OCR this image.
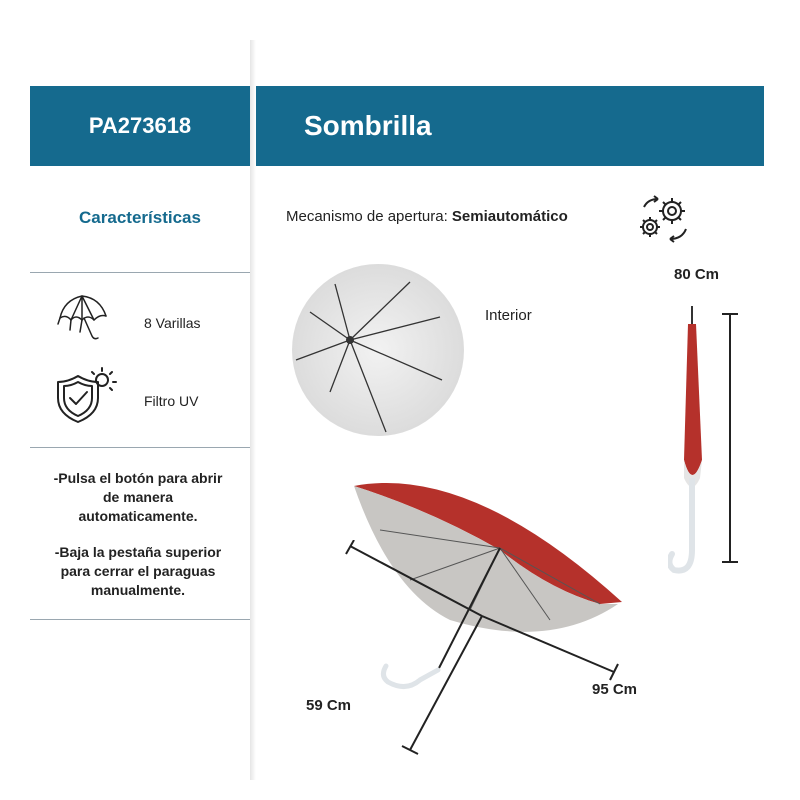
PA273618	Sombrilla
Características
8 Varillas
Filtro UV
-Pulsa el botón para abrir
de manera
automaticamente.
-Baja la pestaña superior
para cerrar el paraguas
manualmente.
Mecanismo de apertura: Semiautomático
Interior
80 Cm
59 Cm
95 Cm
